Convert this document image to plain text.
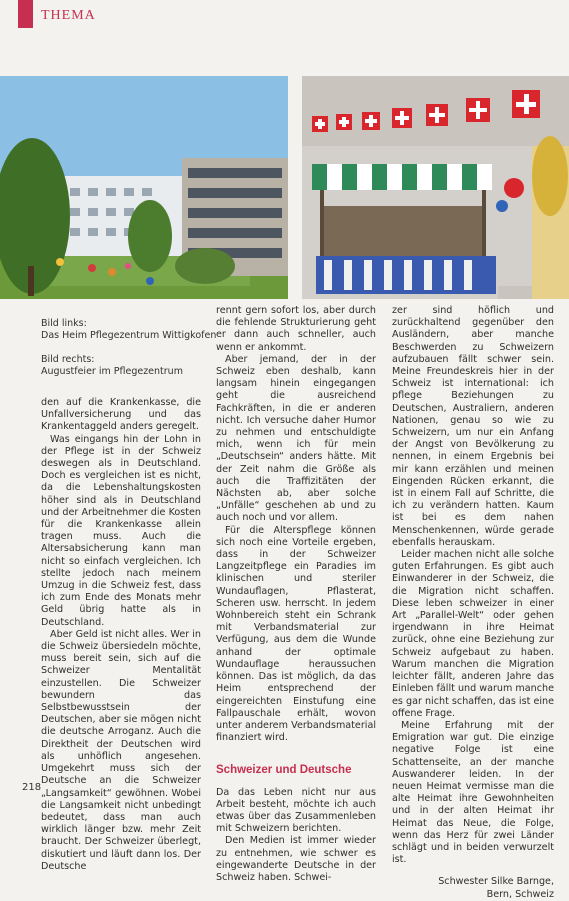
THEMA
Bild links:
Das Heim Pflegezentrum Wittigkofen
Bild rechts:
Augustfeier im Pflegezentrum

den auf die Krankenkasse, die Unfallversicherung und das Krankentaggeld anders geregelt.

Was eingangs hin der Lohn in der Pflege ist in der Schweiz deswegen als in Deutschland. Doch es vergleichen ist es nicht, da die Lebenshaltungskosten höher sind als in Deutschland und der Arbeitnehmer die Kosten für die Krankenkasse allein tragen muss. Auch die Altersabsicherung kann man nicht so einfach vergleichen. Ich stellte jedoch nach meinem Umzug in die Schweiz fest, dass ich zum Ende des Monats mehr Geld übrig hatte als in Deutschland.

Aber Geld ist nicht alles. Wer in die Schweiz übersiedeln möchte, muss bereit sein, sich auf die Schweizer Mentalität einzustellen. Die Schweizer bewundern das Selbstbewusstsein der Deutschen, aber sie mögen nicht die deutsche Arroganz. Auch die Direktheit der Deutschen wird als unhöflich angesehen. Umgekehrt muss sich der Deutsche an die Schweizer „Langsamkeit“ gewöhnen. Wobei die Langsamkeit nicht unbedingt bedeutet, dass man auch wirklich länger bzw. mehr Zeit braucht. Der Schweizer überlegt, diskutiert und läuft dann los. Der Deutsche

rennt gern sofort los, aber durch die fehlende Strukturierung geht er dann auch schneller, auch wenn er ankommt.

Aber jemand, der in der Schweiz eben deshalb, kann langsam hinein eingegangen geht die ausreichend Fachkräften, in die er anderen nicht. Ich versuche daher Humor zu nehmen und entschuldigte mich, wenn ich für mein „Deutschsein“ anders hätte. Mit der Zeit nahm die Größe als auch die Traffizitäten der Nächsten ab, aber solche „Unfälle“ geschehen ab und zu auch noch und vor allem.

Für die Alterspflege können sich noch eine Vorteile ergeben, dass in der Schweizer Langzeitpflege ein Paradies im klinischen und steriler Wundauflagen, Pflasterat, Scheren usw. herrscht. In jedem Wohnbereich steht ein Schrank mit Verbandsmaterial zur Verfügung, aus dem die Wunde anhand der optimale Wundauflage heraussuchen können. Das ist möglich, da das Heim entsprechend der eingereichten Einstufung eine Fallpauschale erhält, wovon unter anderem Verbandsmaterial finanziert wird.

Schweizer und Deutsche

Da das Leben nicht nur aus Arbeit besteht, möchte ich auch etwas über das Zusammenleben mit Schweizern berichten.

Den Medien ist immer wieder zu entnehmen, wie schwer es eingewanderte Deutsche in der Schweiz haben. Schwei-

zer sind höflich und zurückhaltend gegenüber den Ausländern, aber manche Beschwerden zu Schweizern aufzubauen fällt schwer sein. Meine Freundeskreis hier in der Schweiz ist international: ich pflege Beziehungen zu Deutschen, Australiern, anderen Nationen, genau so wie zu Schweizern, um nur ein Anfang der Angst von Bevölkerung zu nennen, in einem Ergebnis bei mir kann erzählen und meinen Eingenden Rücken erkannt, die ist in einem Fall auf Schritte, die ich zu verändern hatten. Kaum ist bei es dem nahen Menschenkennen, würde gerade ebenfalls herauskam.

Leider machen nicht alle solche guten Erfahrungen. Es gibt auch Einwanderer in der Schweiz, die die Migration nicht schaffen. Diese leben schweizer in einer Art „Parallel-Welt“ oder gehen irgendwann in ihre Heimat zurück, ohne eine Beziehung zur Schweiz aufgebaut zu haben. Warum manchen die Migration leichter fällt, anderen Jahre das Einleben fällt und warum manche es gar nicht schaffen, das ist eine offene Frage.

Meine Erfahrung mit der Emigration war gut. Die einzige negative Folge ist eine Schattenseite, an der manche Auswanderer leiden. In der neuen Heimat vermisse man die alte Heimat ihre Gewohnheiten und in der alten Heimat ihr Heimat das Neue, die Folge, wenn das Herz für zwei Länder schlägt und in beiden verwurzelt ist.

Schwester Silke Barnge,
Bern, Schweiz
218
